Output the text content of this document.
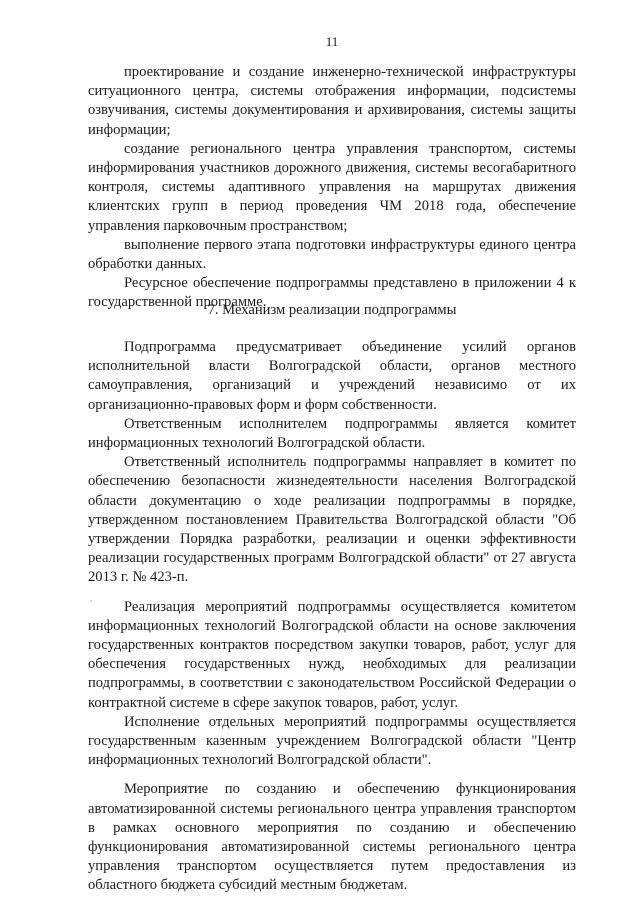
11

проектирование и создание инженерно-технической инфраструктуры ситуационного центра, системы отображения информации, подсистемы озвучивания, системы документирования и архивирования, системы защиты информации;

создание регионального центра управления транспортом, системы информирования участников дорожного движения, системы весогабаритного контроля, системы адаптивного управления на маршрутах движения клиентских групп в период проведения ЧМ 2018 года, обеспечение управления парковочным пространством;

выполнение первого этапа подготовки инфраструктуры единого центра обработки данных.

Ресурсное обеспечение подпрограммы представлено в приложении 4 к государственной программе.

7. Механизм реализации подпрограммы

Подпрограмма предусматривает объединение усилий органов исполнительной власти Волгоградской области, органов местного самоуправления, организаций и учреждений независимо от их организационно-правовых форм и форм собственности.

Ответственным исполнителем подпрограммы является комитет информационных технологий Волгоградской области.

Ответственный исполнитель подпрограммы направляет в комитет по обеспечению безопасности жизнедеятельности населения Волгоградской области документацию о ходе реализации подпрограммы в порядке, утвержденном постановлением Правительства Волгоградской области "Об утверждении Порядка разработки, реализации и оценки эффективности реализации государственных программ Волгоградской области" от 27 августа 2013 г. № 423-п.

Реализация мероприятий подпрограммы осуществляется комитетом информационных технологий Волгоградской области на основе заключения государственных контрактов посредством закупки товаров, работ, услуг для обеспечения государственных нужд, необходимых для реализации подпрограммы, в соответствии с законодательством Российской Федерации о контрактной системе в сфере закупок товаров, работ, услуг.

Исполнение отдельных мероприятий подпрограммы осуществляется государственным казенным учреждением Волгоградской области "Центр информационных технологий Волгоградской области".

Мероприятие по созданию и обеспечению функционирования автоматизированной системы регионального центра управления транспортом в рамках основного мероприятия по созданию и обеспечению функционирования автоматизированной системы регионального центра управления транспортом осуществляется путем предоставления из областного бюджета субсидий местным бюджетам.
